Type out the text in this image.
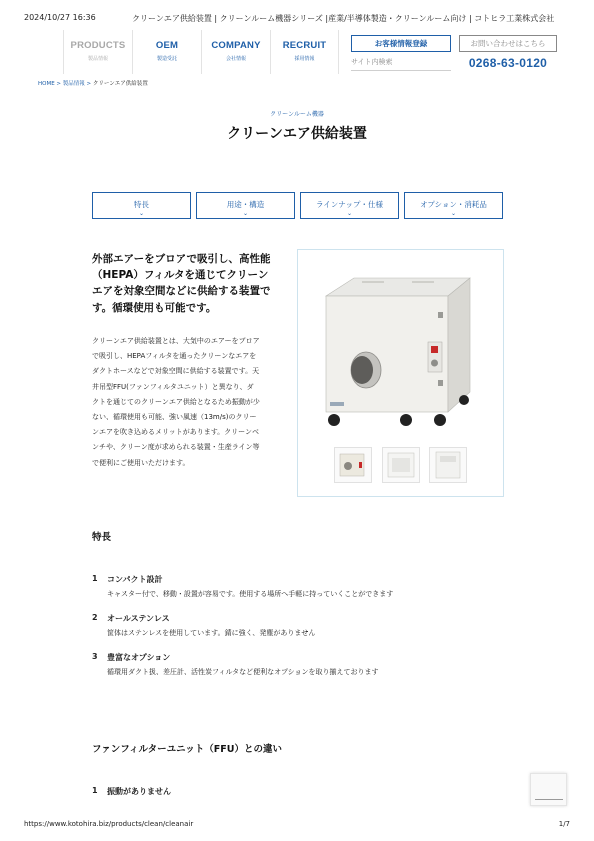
2024/10/27 16:36	クリーンエア供給装置 | クリーンルーム機器シリーズ |産業/半導体製造・クリーンルーム向け | コトヒラ工業株式会社
PRODUCTS
製品情報
OEM
製造受託
COMPANY
会社情報
RECRUIT
採用情報
お客様情報登録	お問い合わせはこちら
サイト内検索	0268-63-0120
HOME > 製品情報 > クリーンエア供給装置
クリーンルーム機器
クリーンエア供給装置
特長
⌄
用途・構造
⌄
ラインナップ・仕様
⌄
オプション・消耗品
⌄
外部エアーをブロアで吸引し、高性能
（HEPA）フィルタを通じてクリーン
エアを対象空間などに供給する装置で
す。循環使用も可能です。
クリーンエア供給装置とは、大気中のエアーをブロア
で吸引し、HEPAフィルタを通ったクリーンなエアを
ダクトホースなどで対象空間に供給する装置です。天
井吊型FFU(ファンフィルタユニット）と異なり、ダ
クトを通じてのクリーンエア供給となるため振動が少
ない、循環使用も可能、強い風速（13m/s)のクリー
ンエアを吹き込めるメリットがあります。クリーンベ
ンチや、クリーン度が求められる装置・生産ライン等
で便利にご使用いただけます。
特長
1 コンパクト設計
キャスター付で、移動・設置が容易です。使用する場所へ手軽に持っていくことができます
2 オールステンレス
筐体はステンレスを使用しています。錆に強く、発塵がありません
3 豊富なオプション
循環用ダクト扱、差圧計、活性炭フィルタなど便利なオプションを取り揃えております
ファンフィルターユニット（FFU）との違い
1 振動がありません
https://www.kotohira.biz/products/clean/cleanair	1/7
